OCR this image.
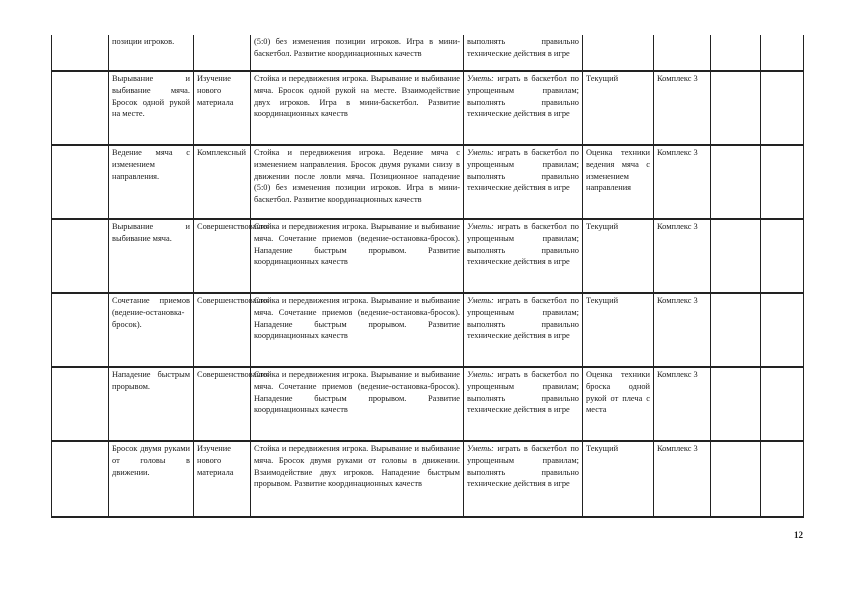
	позиции игроков.		(5:0) без изменения позиции игроков. Игра в мини-баскетбол. Развитие координационных качеств	выполнять правильно технические действия в игре				
	Вырывание и выбивание мяча. Бросок одной рукой на месте.	Изучение нового материала	Стойка и передвижения игрока. Вырывание и выбивание мяча. Бросок одной рукой на месте. Взаимодействие двух игроков. Игра в мини-баскетбол. Развитие координационных качеств	Уметь: играть в баскетбол по упрощенным правилам; выполнять правильно технические действия в игре	Текущий	Комплекс 3		
	Ведение мяча с изменением направления.	Комплексный	Стойка и передвижения игрока. Ведение мяча с изменением направления. Бросок двумя руками снизу в движении после ловли мяча. Позиционное нападение (5:0) без изменения позиции игроков. Игра в мини-баскетбол. Развитие координационных качеств	Уметь: играть в баскетбол по упрощенным правилам; выполнять правильно технические действия в игре	Оценка техники ведения мяча с изменением направления	Комплекс 3		
	Вырывание и выбивание мяча.	Совершенствования	Стойка и передвижения игрока. Вырывание и выбивание мяча. Сочетание приемов (ведение-остановка-бросок). Нападение быстрым прорывом. Развитие координационных качеств	Уметь: играть в баскетбол по упрощенным правилам; выполнять правильно технические действия в игре	Текущий	Комплекс 3		
	Сочетание приемов (ведение-остановка-бросок).	Совершенствования	Стойка и передвижения игрока. Вырывание и выбивание мяча. Сочетание приемов (ведение-остановка-бросок). Нападение быстрым прорывом. Развитие координационных качеств	Уметь: играть в баскетбол по упрощенным правилам; выполнять правильно технические действия в игре	Текущий	Комплекс 3		
	Нападение быстрым прорывом.	Совершенствования	Стойка и передвижения игрока. Вырывание и выбивание мяча. Сочетание приемов (ведение-остановка-бросок). Нападение быстрым прорывом. Развитие координационных качеств	Уметь: играть в баскетбол по упрощенным правилам; выполнять правильно технические действия в игре	Оценка техники броска одной рукой от плеча с места	Комплекс 3		
	Бросок двумя руками от головы в движении.	Изучение нового материала	Стойка и передвижения игрока. Вырывание и выбивание мяча. Бросок двумя руками от головы в движении. Взаимодействие двух игроков. Нападение быстрым прорывом. Развитие координационных качеств	Уметь: играть в баскетбол по упрощенным правилам; выполнять правильно технические действия в игре	Текущий	Комплекс 3		
12
